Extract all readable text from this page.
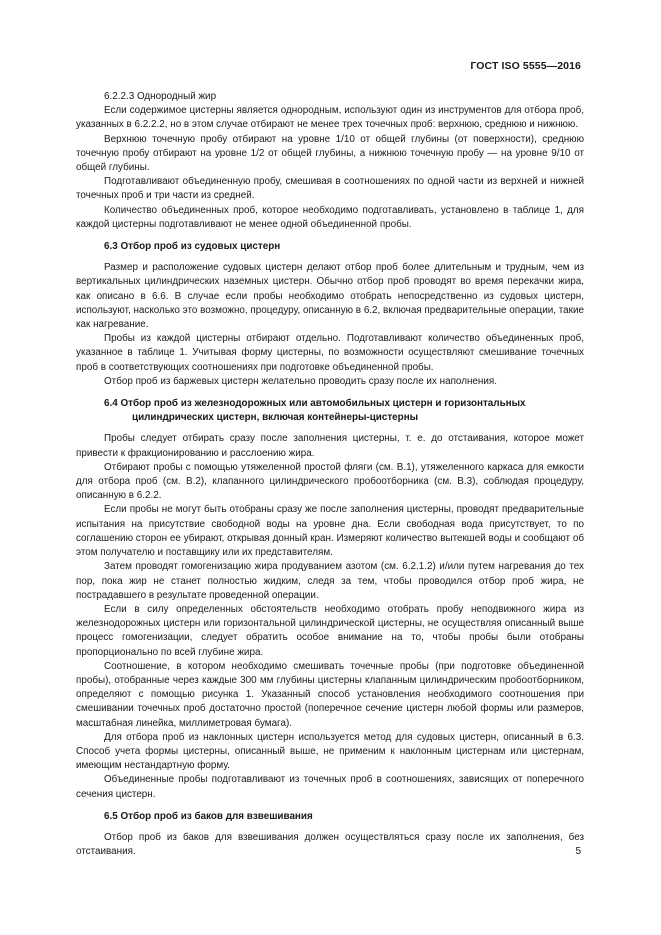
ГОСТ ISO 5555—2016

6.2.2.3 Однородный жир

Если содержимое цистерны является однородным, используют один из инструментов для отбора проб, указанных в 6.2.2.2, но в этом случае отбирают не менее трех точечных проб: верхнюю, среднюю и нижнюю.

Верхнюю точечную пробу отбирают на уровне 1/10 от общей глубины (от поверхности), среднюю точечную пробу отбирают на уровне 1/2 от общей глубины, а нижнюю точечную пробу — на уровне 9/10 от общей глубины.

Подготавливают объединенную пробу, смешивая в соотношениях по одной части из верхней и нижней точечных проб и три части из средней.

Количество объединенных проб, которое необходимо подготавливать, установлено в таблице 1, для каждой цистерны подготавливают не менее одной объединенной пробы.

6.3 Отбор проб из судовых цистерн

Размер и расположение судовых цистерн делают отбор проб более длительным и трудным, чем из вертикальных цилиндрических наземных цистерн. Обычно отбор проб проводят во время перекачки жира, как описано в 6.6. В случае если пробы необходимо отобрать непосредственно из судовых цистерн, используют, насколько это возможно, процедуру, описанную в 6.2, включая предварительные операции, такие как нагревание.

Пробы из каждой цистерны отбирают отдельно. Подготавливают количество объединенных проб, указанное в таблице 1. Учитывая форму цистерны, по возможности осуществляют смешивание точечных проб в соответствующих соотношениях при подготовке объединенной пробы.

Отбор проб из баржевых цистерн желательно проводить сразу после их наполнения.

6.4 Отбор проб из железнодорожных или автомобильных цистерн и горизонтальных цилиндрических цистерн, включая контейнеры-цистерны

Пробы следует отбирать сразу после заполнения цистерны, т. е. до отстаивания, которое может привести к фракционированию и расслоению жира.

Отбирают пробы с помощью утяжеленной простой фляги (см. В.1), утяжеленного каркаса для емкости для отбора проб (см. В.2), клапанного цилиндрического пробоотборника (см. В.3), соблюдая процедуру, описанную в 6.2.2.

Если пробы не могут быть отобраны сразу же после заполнения цистерны, проводят предварительные испытания на присутствие свободной воды на уровне дна. Если свободная вода присутствует, то по соглашению сторон ее убирают, открывая донный кран. Измеряют количество вытекшей воды и сообщают об этом получателю и поставщику или их представителям.

Затем проводят гомогенизацию жира продуванием азотом (см. 6.2.1.2) и/или путем нагревания до тех пор, пока жир не станет полностью жидким, следя за тем, чтобы проводился отбор проб жира, не пострадавшего в результате проведенной операции.

Если в силу определенных обстоятельств необходимо отобрать пробу неподвижного жира из железнодорожных цистерн или горизонтальной цилиндрической цистерны, не осуществляя описанный выше процесс гомогенизации, следует обратить особое внимание на то, чтобы пробы были отобраны пропорционально по всей глубине жира.

Соотношение, в котором необходимо смешивать точечные пробы (при подготовке объединенной пробы), отобранные через каждые 300 мм глубины цистерны клапанным цилиндрическим пробоотборником, определяют с помощью рисунка 1. Указанный способ установления необходимого соотношения при смешивании точечных проб достаточно простой (поперечное сечение цистерн любой формы или размеров, масштабная линейка, миллиметровая бумага).

Для отбора проб из наклонных цистерн используется метод для судовых цистерн, описанный в 6.3. Способ учета формы цистерны, описанный выше, не применим к наклонным цистернам или цистернам, имеющим нестандартную форму.

Объединенные пробы подготавливают из точечных проб в соотношениях, зависящих от поперечного сечения цистерн.

6.5 Отбор проб из баков для взвешивания

Отбор проб из баков для взвешивания должен осуществляться сразу после их заполнения, без отстаивания.	5
